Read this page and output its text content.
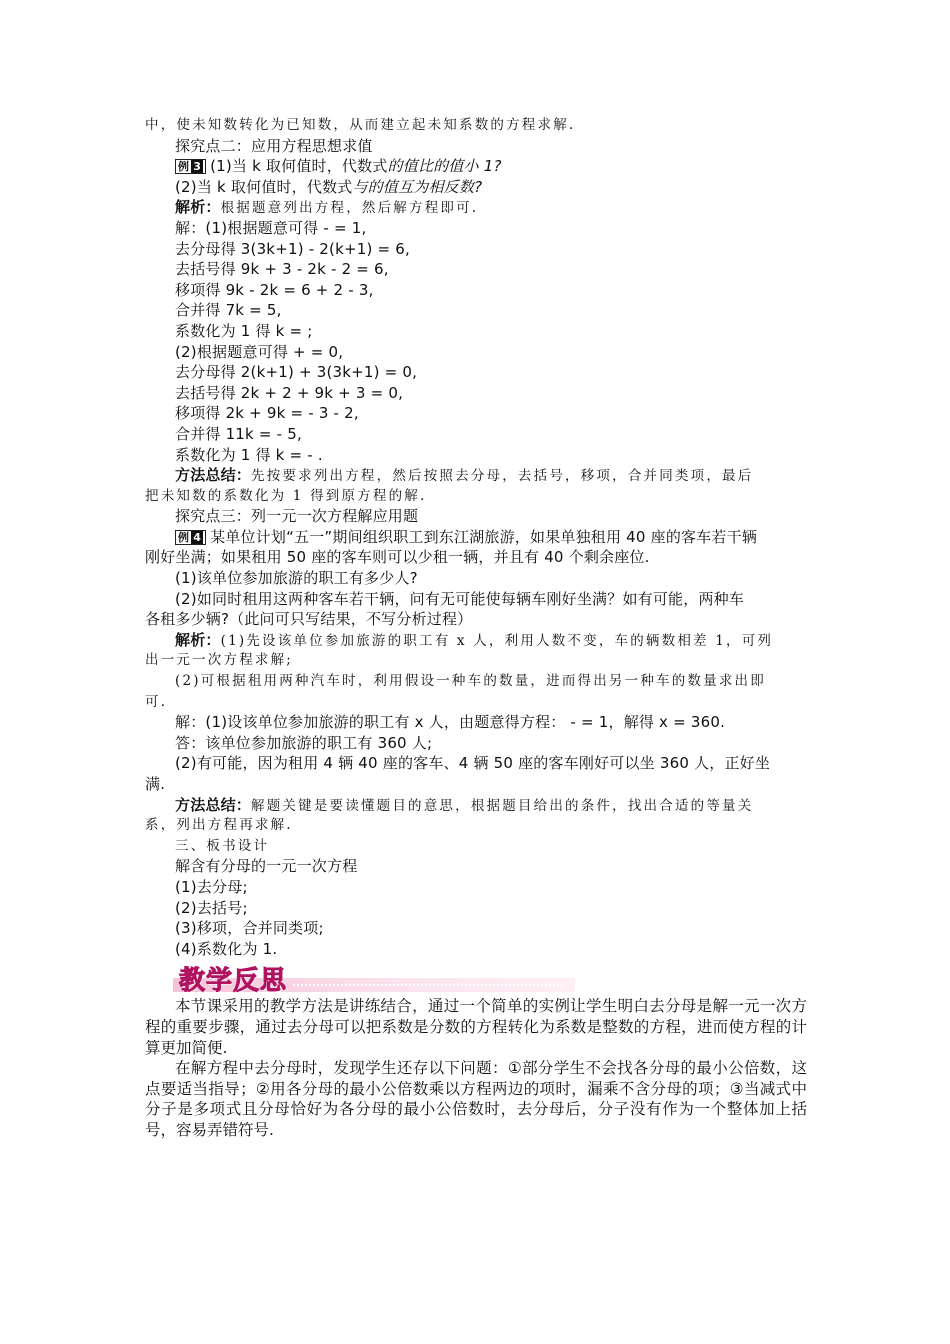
中，使未知数转化为已知数，从而建立起未知系数的方程求解.
探究点二：应用方程思想求值
例 3 (1)当 k 取何值时，代数式的值比的值小 1?
(2)当 k 取何值时，代数式与的值互为相反数?
解析：根据题意列出方程，然后解方程即可.
解：(1)根据题意可得 - = 1,
去分母得 3(3k+1) - 2(k+1) = 6,
去括号得 9k + 3 - 2k - 2 = 6,
移项得 9k - 2k = 6 + 2 - 3,
合并得 7k = 5,
系数化为 1 得 k = ;
(2)根据题意可得 + = 0,
去分母得 2(k+1) + 3(3k+1) = 0,
去括号得 2k + 2 + 9k + 3 = 0,
移项得 2k + 9k = - 3 - 2,
合并得 11k = - 5,
系数化为 1 得 k = - .
方法总结：先按要求列出方程，然后按照去分母，去括号，移项，合并同类项，最后
把未知数的系数化为 1 得到原方程的解.
探究点三：列一元一次方程解应用题
例 4 某单位计划“五一”期间组织职工到东江湖旅游，如果单独租用 40 座的客车若干辆
刚好坐满；如果租用 50 座的客车则可以少租一辆，并且有 40 个剩余座位.
(1)该单位参加旅游的职工有多少人?
(2)如同时租用这两种客车若干辆，问有无可能使每辆车刚好坐满？如有可能，两种车
各租多少辆?（此问可只写结果，不写分析过程）
解析：(1)先设该单位参加旅游的职工有 x 人，利用人数不变，车的辆数相差 1，可列
出一元一次方程求解;
(2)可根据租用两种汽车时，利用假设一种车的数量，进而得出另一种车的数量求出即
可.
解：(1)设该单位参加旅游的职工有 x 人，由题意得方程： - = 1，解得 x = 360.
答：该单位参加旅游的职工有 360 人;
(2)有可能，因为租用 4 辆 40 座的客车、4 辆 50 座的客车刚好可以坐 360 人，正好坐
满.
方法总结：解题关键是要读懂题目的意思，根据题目给出的条件，找出合适的等量关
系，列出方程再求解.
三、板书设计
解含有分母的一元一次方程
(1)去分母;
(2)去括号;
(3)移项，合并同类项;
(4)系数化为 1.
教学反思

本节课采用的教学方法是讲练结合，通过一个简单的实例让学生明白去分母是解一元一次方程的重要步骤，通过去分母可以把系数是分数的方程转化为系数是整数的方程，进而使方程的计算更加简便.

在解方程中去分母时，发现学生还存以下问题：①部分学生不会找各分母的最小公倍数，这点要适当指导；②用各分母的最小公倍数乘以方程两边的项时，漏乘不含分母的项；③当减式中分子是多项式且分母恰好为各分母的最小公倍数时，去分母后，分子没有作为一个整体加上括号，容易弄错符号.
